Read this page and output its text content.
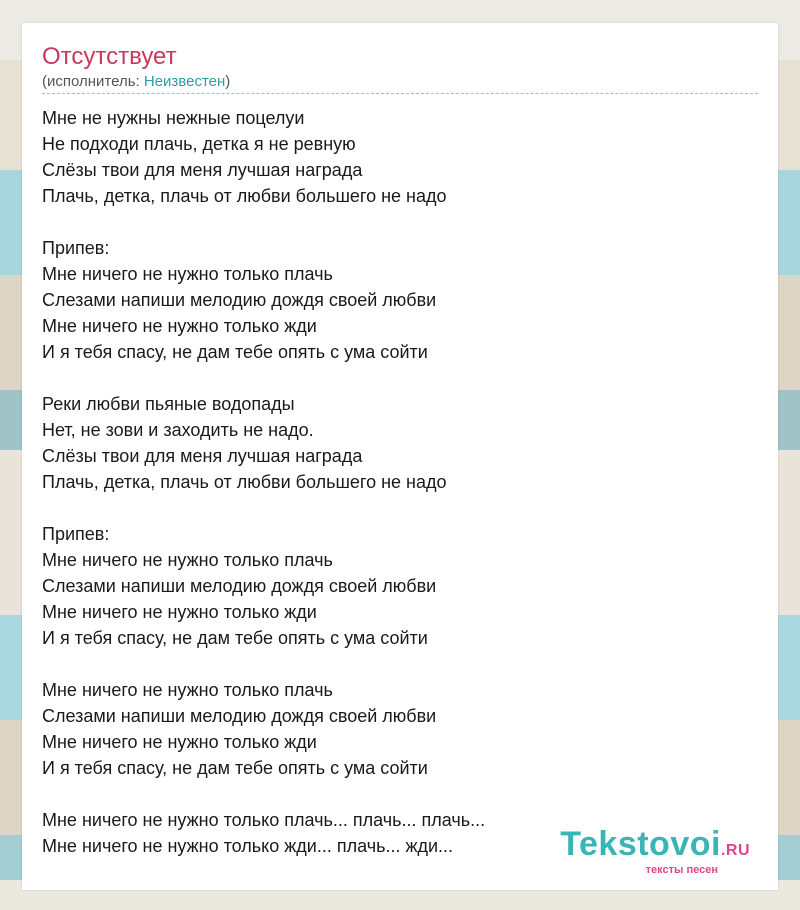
Отсутствует
(исполнитель: Неизвестен)
Мне не нужны нежные поцелуи
Не подходи плачь, детка я не ревную
Слёзы твои для меня лучшая награда
Плачь, детка, плачь от любви большего не надо
Припев:
Мне ничего не нужно только плачь
Слезами напиши мелодию дождя своей любви
Мне ничего не нужно только жди
И я тебя спасу, не дам тебе опять с ума сойти
Реки любви пьяные водопады
Нет, не зови и заходить не надо.
Слёзы твои для меня лучшая награда
Плачь, детка, плачь от любви большего не надо
Припев:
Мне ничего не нужно только плачь
Слезами напиши мелодию дождя своей любви
Мне ничего не нужно только жди
И я тебя спасу, не дам тебе опять с ума сойти
Мне ничего не нужно только плачь
Слезами напиши мелодию дождя своей любви
Мне ничего не нужно только жди
И я тебя спасу, не дам тебе опять с ума сойти
Мне ничего не нужно только плачь... плачь... плачь...
Мне ничего не нужно только жди... плачь... жди...	Tekstovoi.RU
тексты песен
